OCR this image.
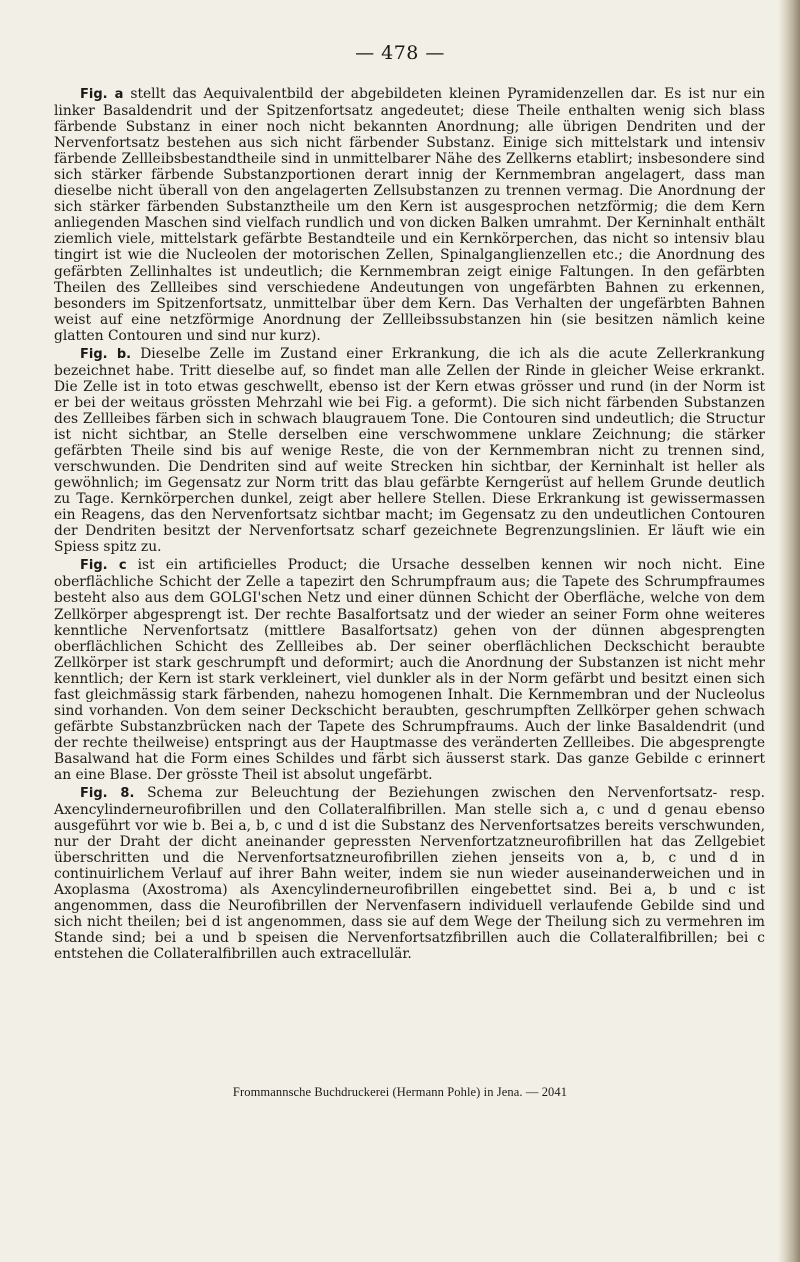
— 478 —

Fig. a stellt das Aequivalentbild der abgebildeten kleinen Pyramidenzellen dar. Es ist nur ein linker Basaldendrit und der Spitzenfortsatz angedeutet; diese Theile enthalten wenig sich blass färbende Substanz in einer noch nicht bekannten Anordnung; alle übrigen Dendriten und der Nervenfortsatz bestehen aus sich nicht färbender Substanz. Einige sich mittelstark und intensiv färbende Zellleibsbestandtheile sind in unmittelbarer Nähe des Zellkerns etablirt; insbesondere sind sich stärker färbende Substanzportionen derart innig der Kernmembran angelagert, dass man dieselbe nicht überall von den angelagerten Zellsubstanzen zu trennen vermag. Die Anordnung der sich stärker färbenden Substanztheile um den Kern ist ausgesprochen netzförmig; die dem Kern anliegenden Maschen sind vielfach rundlich und von dicken Balken umrahmt. Der Kerninhalt enthält ziemlich viele, mittelstark gefärbte Bestandteile und ein Kernkörperchen, das nicht so intensiv blau tingirt ist wie die Nucleolen der motorischen Zellen, Spinalganglienzellen etc.; die Anordnung des gefärbten Zellinhaltes ist undeutlich; die Kernmembran zeigt einige Faltungen. In den gefärbten Theilen des Zellleibes sind verschiedene Andeutungen von ungefärbten Bahnen zu erkennen, besonders im Spitzenfortsatz, unmittelbar über dem Kern. Das Verhalten der ungefärbten Bahnen weist auf eine netzförmige Anordnung der Zellleibssubstanzen hin (sie besitzen nämlich keine glatten Contouren und sind nur kurz).

Fig. b. Dieselbe Zelle im Zustand einer Erkrankung, die ich als die acute Zellerkrankung bezeichnet habe. Tritt dieselbe auf, so findet man alle Zellen der Rinde in gleicher Weise erkrankt. Die Zelle ist in toto etwas geschwellt, ebenso ist der Kern etwas grösser und rund (in der Norm ist er bei der weitaus grössten Mehrzahl wie bei Fig. a geformt). Die sich nicht färbenden Substanzen des Zellleibes färben sich in schwach blaugrauem Tone. Die Contouren sind undeutlich; die Structur ist nicht sichtbar, an Stelle derselben eine verschwommene unklare Zeichnung; die stärker gefärbten Theile sind bis auf wenige Reste, die von der Kernmembran nicht zu trennen sind, verschwunden. Die Dendriten sind auf weite Strecken hin sichtbar, der Kerninhalt ist heller als gewöhnlich; im Gegensatz zur Norm tritt das blau gefärbte Kerngerüst auf hellem Grunde deutlich zu Tage. Kernkörperchen dunkel, zeigt aber hellere Stellen. Diese Erkrankung ist gewissermassen ein Reagens, das den Nervenfortsatz sichtbar macht; im Gegensatz zu den undeutlichen Contouren der Dendriten besitzt der Nervenfortsatz scharf gezeichnete Begrenzungslinien. Er läuft wie ein Spiess spitz zu.

Fig. c ist ein artificielles Product; die Ursache desselben kennen wir noch nicht. Eine oberflächliche Schicht der Zelle a tapezirt den Schrumpfraum aus; die Tapete des Schrumpfraumes besteht also aus dem GOLGI'schen Netz und einer dünnen Schicht der Oberfläche, welche von dem Zellkörper abgesprengt ist. Der rechte Basalfortsatz und der wieder an seiner Form ohne weiteres kenntliche Nervenfortsatz (mittlere Basalfortsatz) gehen von der dünnen abgesprengten oberflächlichen Schicht des Zellleibes ab. Der seiner oberflächlichen Deckschicht beraubte Zellkörper ist stark geschrumpft und deformirt; auch die Anordnung der Substanzen ist nicht mehr kenntlich; der Kern ist stark verkleinert, viel dunkler als in der Norm gefärbt und besitzt einen sich fast gleichmässig stark färbenden, nahezu homogenen Inhalt. Die Kernmembran und der Nucleolus sind vorhanden. Von dem seiner Deckschicht beraubten, geschrumpften Zellkörper gehen schwach gefärbte Substanzbrücken nach der Tapete des Schrumpfraums. Auch der linke Basaldendrit (und der rechte theilweise) entspringt aus der Hauptmasse des veränderten Zellleibes. Die abgesprengte Basalwand hat die Form eines Schildes und färbt sich äusserst stark. Das ganze Gebilde c erinnert an eine Blase. Der grösste Theil ist absolut ungefärbt.

Fig. 8. Schema zur Beleuchtung der Beziehungen zwischen den Nervenfortsatz- resp. Axencylinderneurofibrillen und den Collateralfibrillen. Man stelle sich a, c und d genau ebenso ausgeführt vor wie b. Bei a, b, c und d ist die Substanz des Nervenfortsatzes bereits verschwunden, nur der Draht der dicht aneinander gepressten Nervenfortzatzneurofibrillen hat das Zellgebiet überschritten und die Nervenfortsatzneurofibrillen ziehen jenseits von a, b, c und d in continuirlichem Verlauf auf ihrer Bahn weiter, indem sie nun wieder auseinanderweichen und in Axoplasma (Axostroma) als Axencylinderneurofibrillen eingebettet sind. Bei a, b und c ist angenommen, dass die Neurofibrillen der Nervenfasern individuell verlaufende Gebilde sind und sich nicht theilen; bei d ist angenommen, dass sie auf dem Wege der Theilung sich zu vermehren im Stande sind; bei a und b speisen die Nervenfortsatzfibrillen auch die Collateralfibrillen; bei c entstehen die Collateralfibrillen auch extracellulär.

Frommannsche Buchdruckerei (Hermann Pohle) in Jena. — 2041
